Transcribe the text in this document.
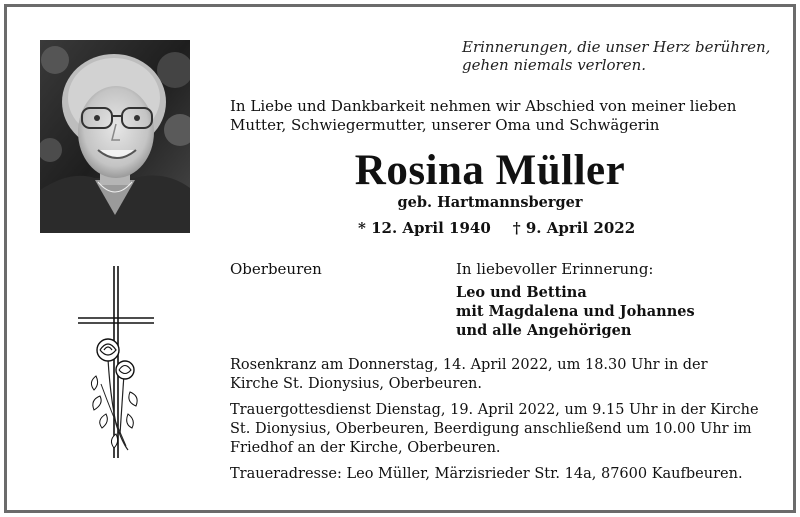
Erinnerungen, die unser Herz berühren,
gehen niemals verloren.
In Liebe und Dankbarkeit nehmen wir Abschied von meiner lieben
Mutter, Schwiegermutter, unserer Oma und Schwägerin
Rosina Müller
geb. Hartmannsberger
* 12. April 1940 † 9. April 2022
Oberbeuren	In liebevoller Erinnerung:
Leo und Bettina
mit Magdalena und Johannes
und alle Angehörigen
Rosenkranz am Donnerstag, 14. April 2022, um 18.30 Uhr in der
Kirche St. Dionysius, Oberbeuren.
Trauergottesdienst Dienstag, 19. April 2022, um 9.15 Uhr in der Kirche
St. Dionysius, Oberbeuren, Beerdigung anschließend um 10.00 Uhr im
Friedhof an der Kirche, Oberbeuren.
Traueradresse: Leo Müller, Märzisrieder Str. 14a, 87600 Kaufbeuren.
